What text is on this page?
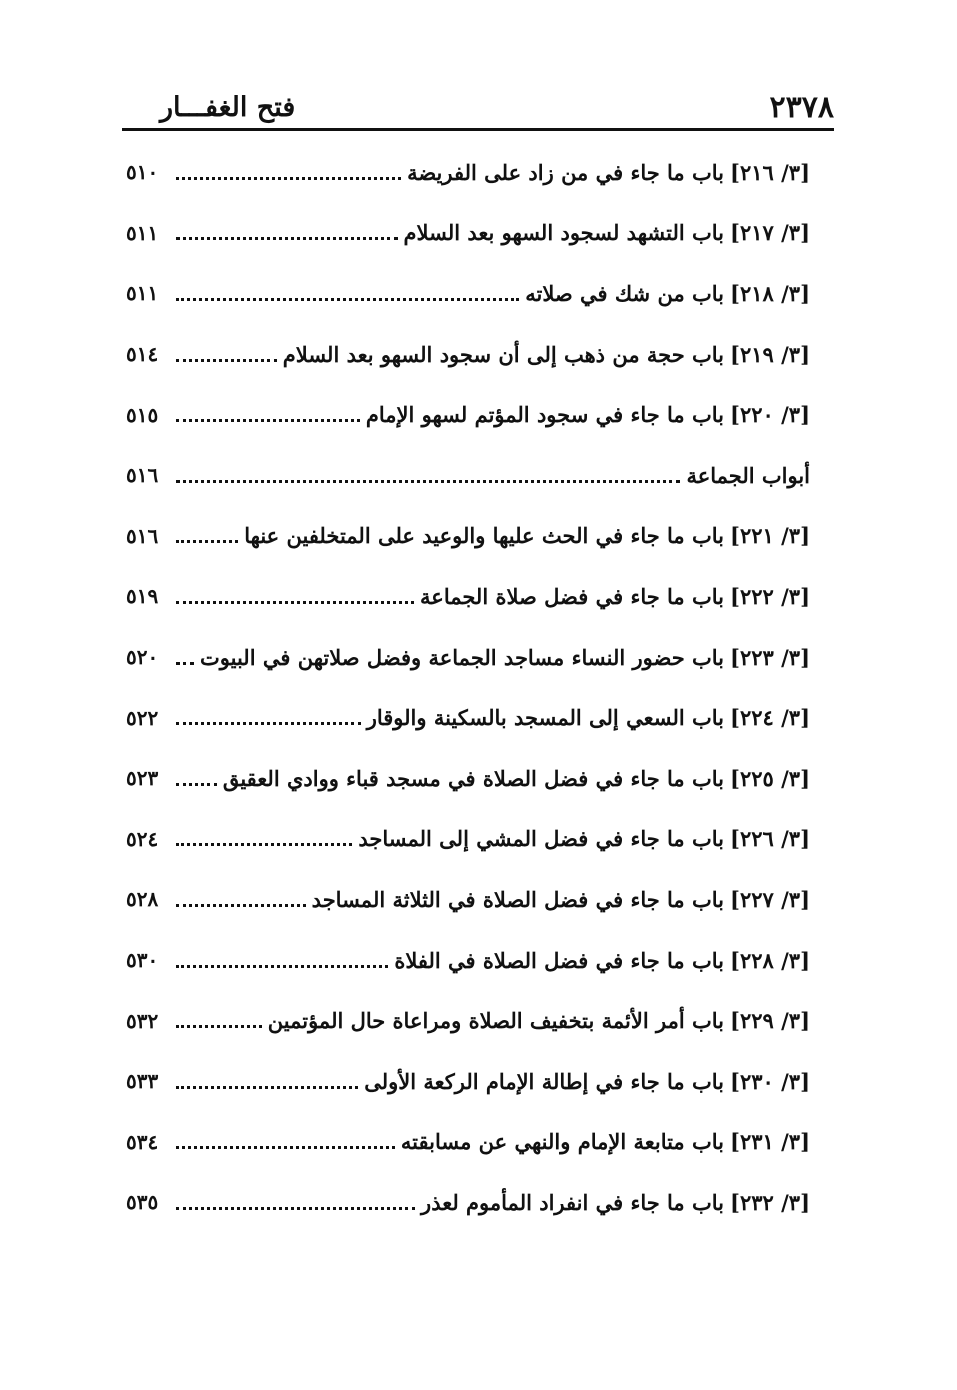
٢٣٧٨
فتح الغفـــار
[٣/ ٢١٦]
باب ما جاء في من زاد على الفريضة
٥١٠
[٣/ ٢١٧]
باب التشهد لسجود السهو بعد السلام
٥١١
[٣/ ٢١٨]
باب من شك في صلاته
٥١١
[٣/ ٢١٩]
باب حجة من ذهب إلى أن سجود السهو بعد السلام
٥١٤
[٣/ ٢٢٠]
باب ما جاء في سجود المؤتم لسهو الإمام
٥١٥
أبواب الجماعة
٥١٦
[٣/ ٢٢١]
باب ما جاء في الحث عليها والوعيد على المتخلفين عنها
٥١٦
[٣/ ٢٢٢]
باب ما جاء في فضل صلاة الجماعة
٥١٩
[٣/ ٢٢٣]
باب حضور النساء مساجد الجماعة وفضل صلاتهن في البيوت
٥٢٠
[٣/ ٢٢٤]
باب السعي إلى المسجد بالسكينة والوقار
٥٢٢
[٣/ ٢٢٥]
باب ما جاء في فضل الصلاة في مسجد قباء ووادي العقيق
٥٢٣
[٣/ ٢٢٦]
باب ما جاء في فضل المشي إلى المساجد
٥٢٤
[٣/ ٢٢٧]
باب ما جاء في فضل الصلاة في الثلاثة المساجد
٥٢٨
[٣/ ٢٢٨]
باب ما جاء في فضل الصلاة في الفلاة
٥٣٠
[٣/ ٢٢٩]
باب أمر الأئمة بتخفيف الصلاة ومراعاة حال المؤتمين
٥٣٢
[٣/ ٢٣٠]
باب ما جاء في إطالة الإمام الركعة الأولى
٥٣٣
[٣/ ٢٣١]
باب متابعة الإمام والنهي عن مسابقته
٥٣٤
[٣/ ٢٣٢]
باب ما جاء في انفراد المأموم لعذر
٥٣٥
